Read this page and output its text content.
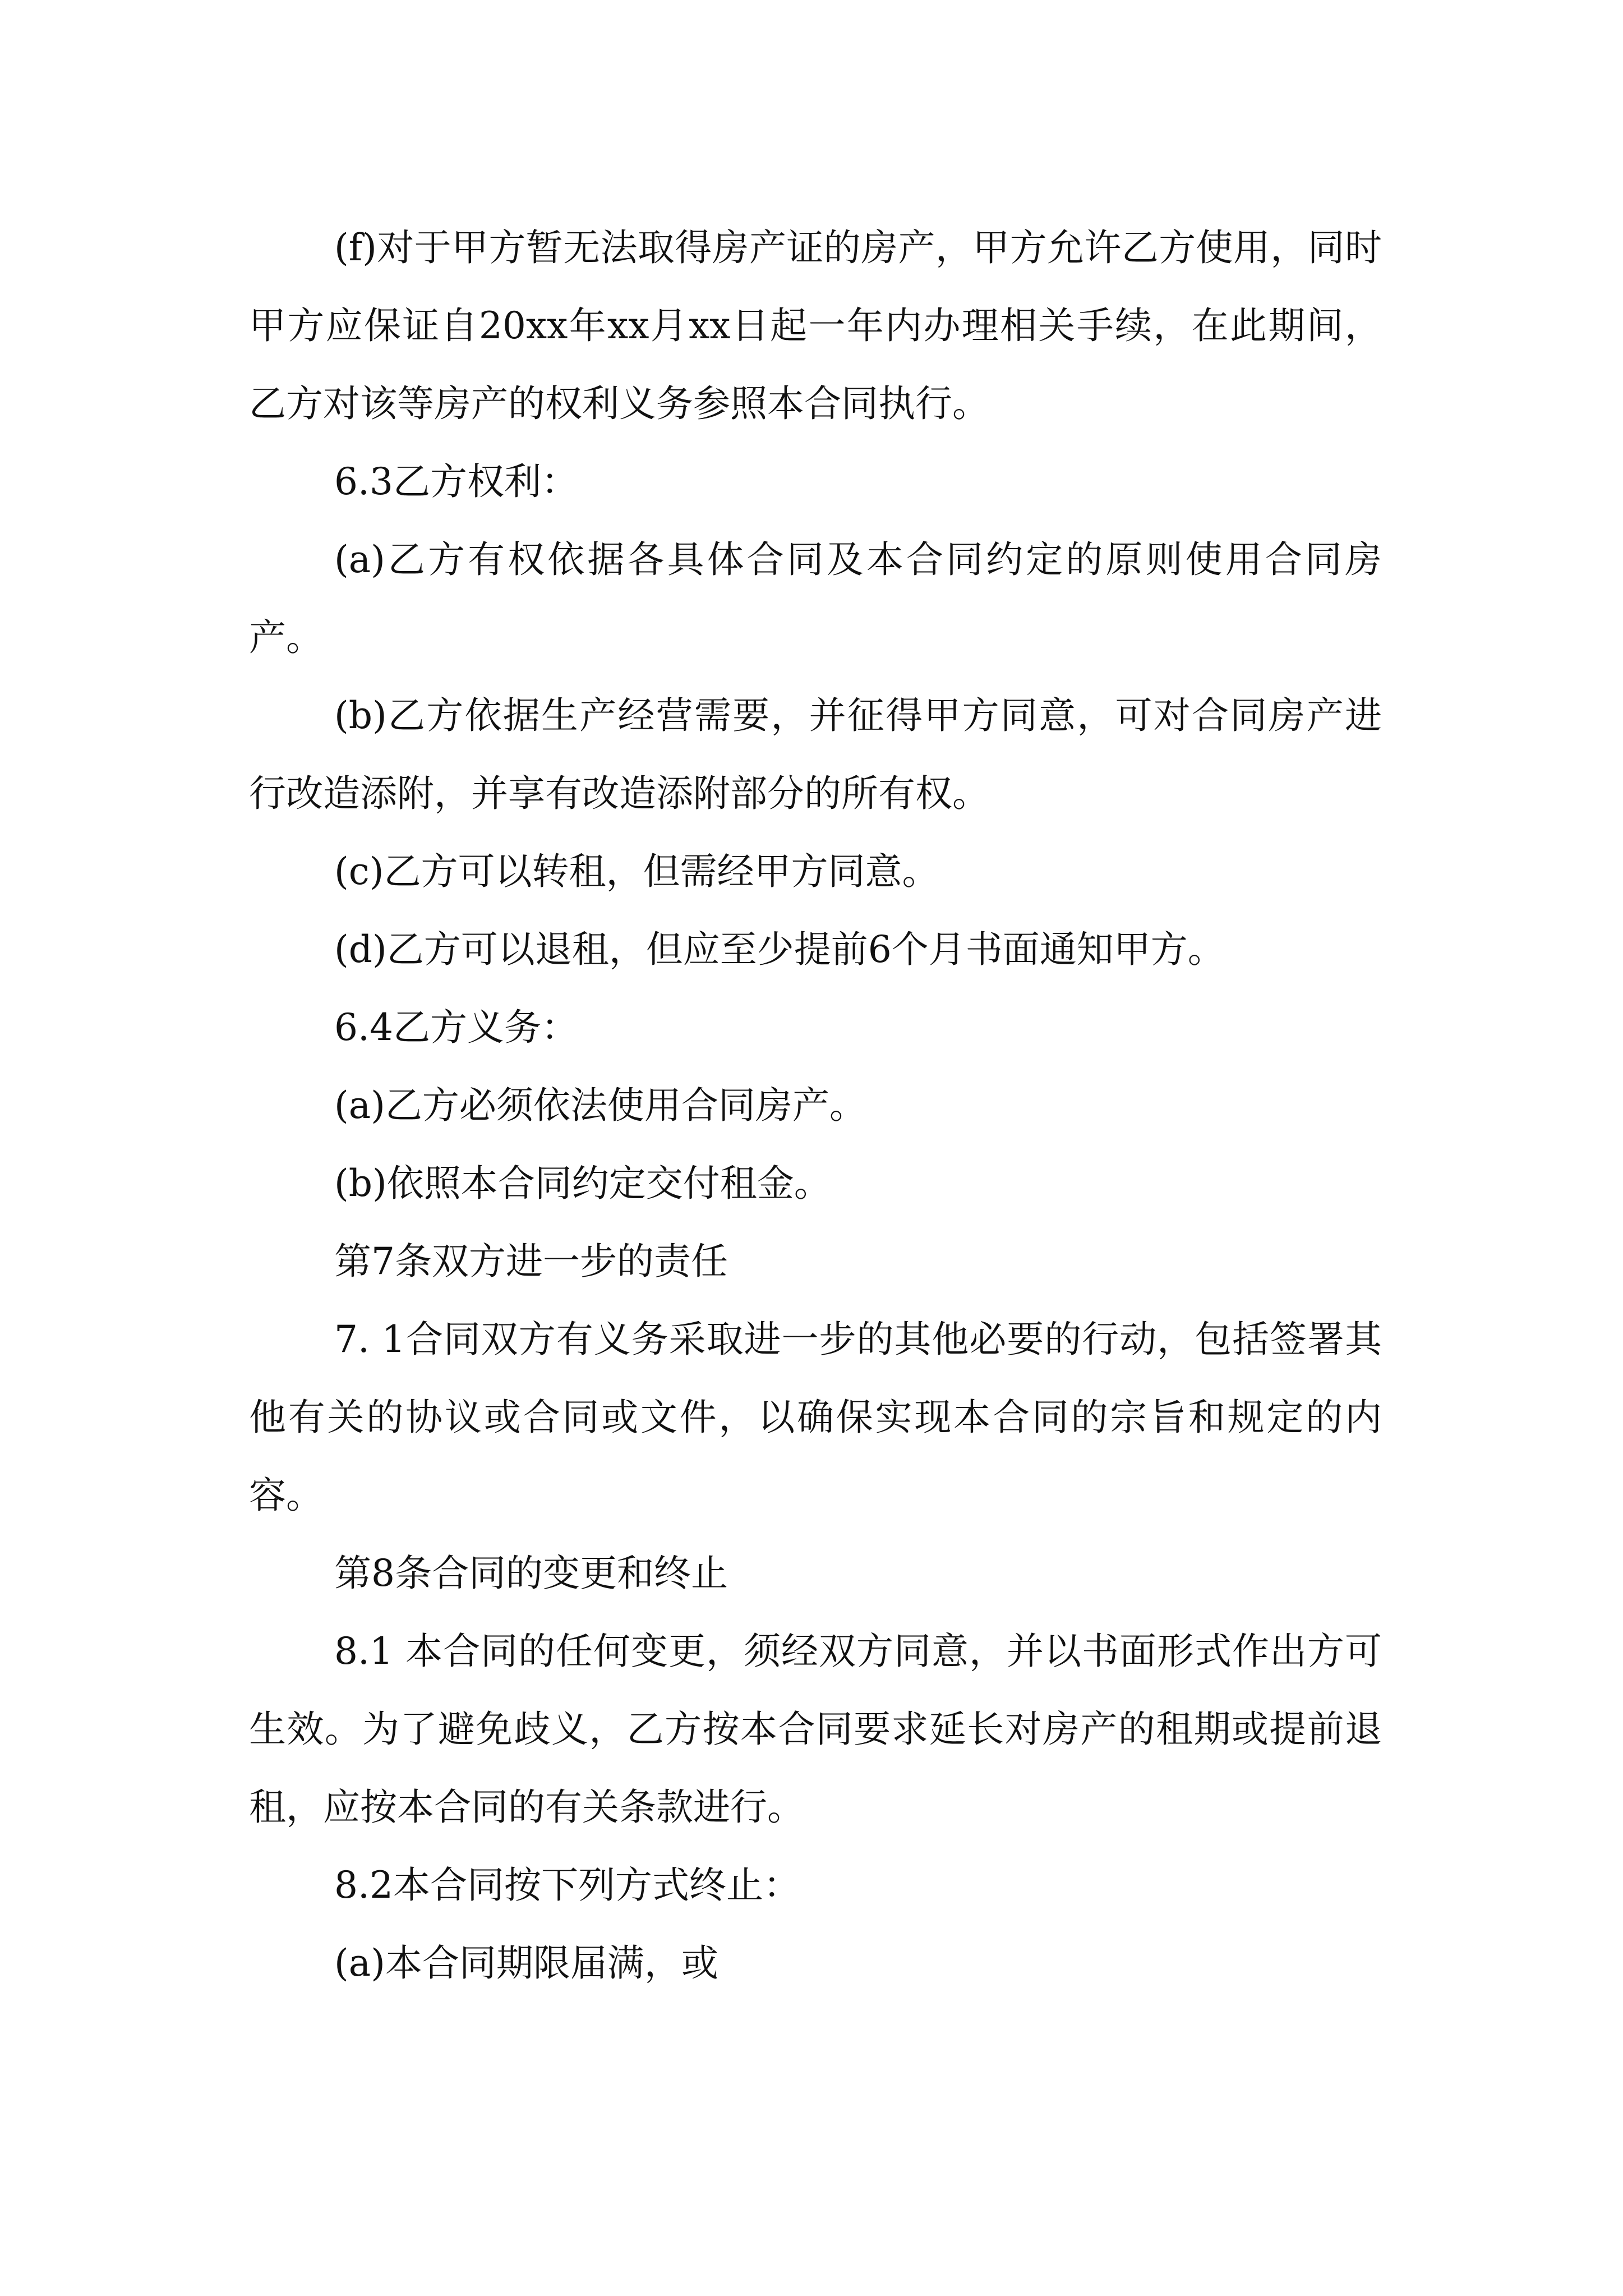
(f)对于甲方暂无法取得房产证的房产，甲方允许乙方使用，同时甲方应保证自20xx年xx月xx日起一年内办理相关手续，在此期间，乙方对该等房产的权利义务参照本合同执行。

6.3乙方权利：

(a)乙方有权依据各具体合同及本合同约定的原则使用合同房产。

(b)乙方依据生产经营需要，并征得甲方同意，可对合同房产进行改造添附，并享有改造添附部分的所有权。

(c)乙方可以转租，但需经甲方同意。

(d)乙方可以退租，但应至少提前6个月书面通知甲方。

6.4乙方义务：

(a)乙方必须依法使用合同房产。

(b)依照本合同约定交付租金。

第7条双方进一步的责任

7. 1合同双方有义务采取进一步的其他必要的行动，包括签署其他有关的协议或合同或文件，以确保实现本合同的宗旨和规定的内容。

第8条合同的变更和终止

8.1 本合同的任何变更，须经双方同意，并以书面形式作出方可生效。为了避免歧义，乙方按本合同要求延长对房产的租期或提前退租，应按本合同的有关条款进行。

8.2本合同按下列方式终止：

(a)本合同期限届满，或
